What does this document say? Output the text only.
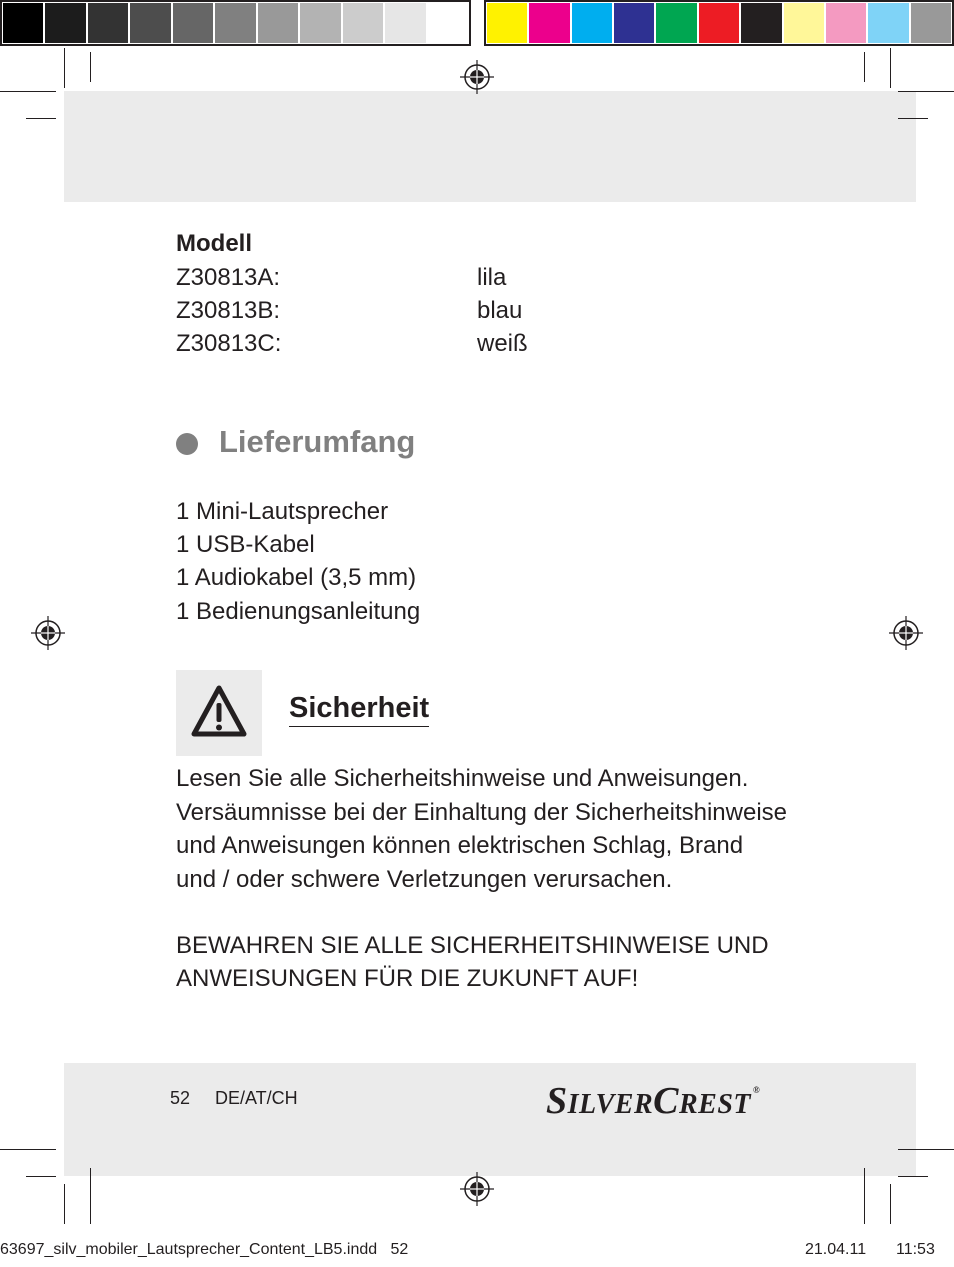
Modell
Z30813A:	lila
Z30813B:	blau
Z30813C:	weiß
Lieferumfang
1 Mini-Lautsprecher
1 USB-Kabel
1 Audiokabel (3,5 mm)
1 Bedienungsanleitung
Sicherheit
Lesen Sie alle Sicherheitshinweise und Anweisungen.
Versäumnisse bei der Einhaltung der Sicherheitshinweise
und Anweisungen können elektrischen Schlag, Brand
und / oder schwere Verletzungen verursachen.
BEWAHREN SIE ALLE SICHERHEITSHINWEISE UND
ANWEISUNGEN FÜR DIE ZUKUNFT AUF!
52 DE/AT/CH	SILVERCREST ®
63697_silv_mobiler_Lautsprecher_Content_LB5.indd   52	21.04.11 11:53
